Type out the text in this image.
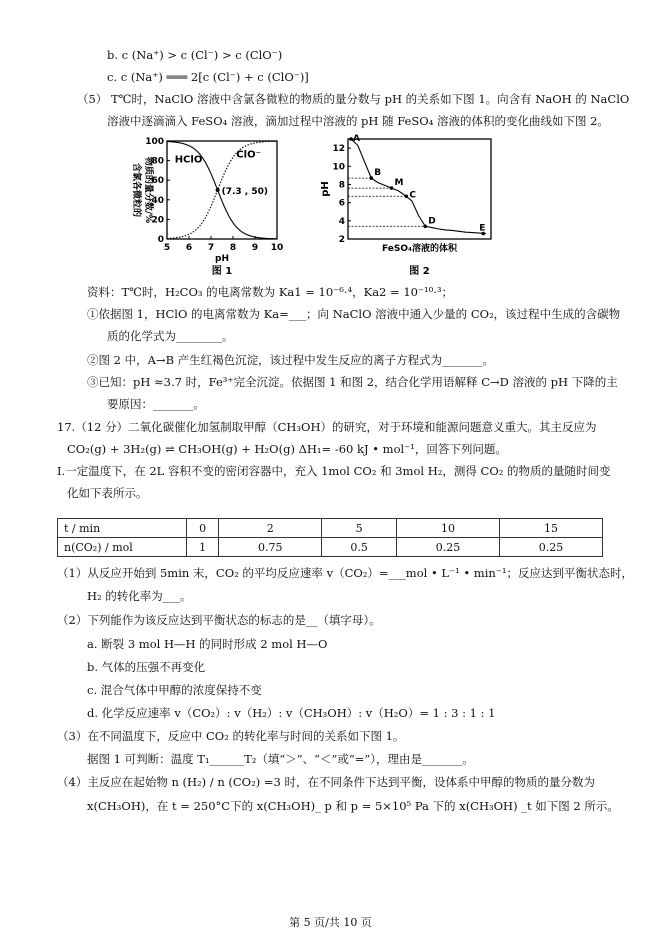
b. c (Na⁺) > c (Cl⁻) > c (ClO⁻)
c. c (Na⁺) ═══ 2[c (Cl⁻) + c (ClO⁻)]
（5） T℃时，NaClO 溶液中含氯各微粒的物质的量分数与 pH 的关系如下图 1。向含有 NaOH 的 NaClO
溶液中逐滴滴入 FeSO₄ 溶液，滴加过程中溶液的 pH 随 FeSO₄ 溶液的体积的变化曲线如下图 2。
5 6 7 8 9 10
0
20
40
60
80
100
(7.3 , 50)
HClO	ClO⁻
含氯各微粒的 物质的量分数/%
pH
图 1
2
4
6
8
10
12
A
B
M
C
D
E
pH
FeSO₄溶液的体积
图 2
资料：T℃时，H₂CO₃ 的电离常数为 Ka1 = 10⁻⁶·⁴，Ka2 = 10⁻¹⁰·³；
①依据图 1，HClO 的电离常数为 Ka=___；向 NaClO 溶液中通入少量的 CO₂，该过程中生成的含碳物
质的化学式为________。
②图 2 中，A→B 产生红褐色沉淀，该过程中发生反应的离子方程式为_______。
③已知：pH ≈3.7 时，Fe³⁺完全沉淀。依据图 1 和图 2，结合化学用语解释 C→D 溶液的 pH 下降的主
要原因：_______。
17.（12 分）二氧化碳催化加氢制取甲醇（CH₃OH）的研究，对于环境和能源问题意义重大。其主反应为
CO₂(g) + 3H₂(g) ⇌ CH₃OH(g) + H₂O(g) ΔH₁= -60 kJ • mol⁻¹，回答下列问题。
Ⅰ.一定温度下，在 2L 容积不变的密闭容器中，充入 1mol CO₂ 和 3mol H₂，测得 CO₂ 的物质的量随时间变
化如下表所示。
t / min	0	2	5	10	15
n(CO₂) / mol	1	0.75	0.5	0.25	0.25
（1）从反应开始到 5min 末，CO₂ 的平均反应速率 v（CO₂）=___mol • L⁻¹ • min⁻¹；反应达到平衡状态时，
H₂ 的转化率为___。
（2）下列能作为该反应达到平衡状态的标志的是__（填字母）。
a. 断裂 3 mol H—H 的同时形成 2 mol H—O
b. 气体的压强不再变化
c. 混合气体中甲醇的浓度保持不变
d. 化学反应速率 v（CO₂）: v（H₂）: v（CH₃OH）: v（H₂O）= 1 : 3 : 1 : 1
（3）在不同温度下，反应中 CO₂ 的转化率与时间的关系如下图 1。
据图 1 可判断：温度 T₁______T₂（填“＞”、“＜”或“=”），理由是_______。
（4）主反应在起始物 n (H₂) / n (CO₂) =3 时，在不同条件下达到平衡，设体系中甲醇的物质的量分数为
x(CH₃OH)，在 t = 250°C下的 x(CH₃OH)_ p 和 p = 5×10⁵ Pa 下的 x(CH₃OH) _t 如下图 2 所示。
第 5 页/共 10 页
